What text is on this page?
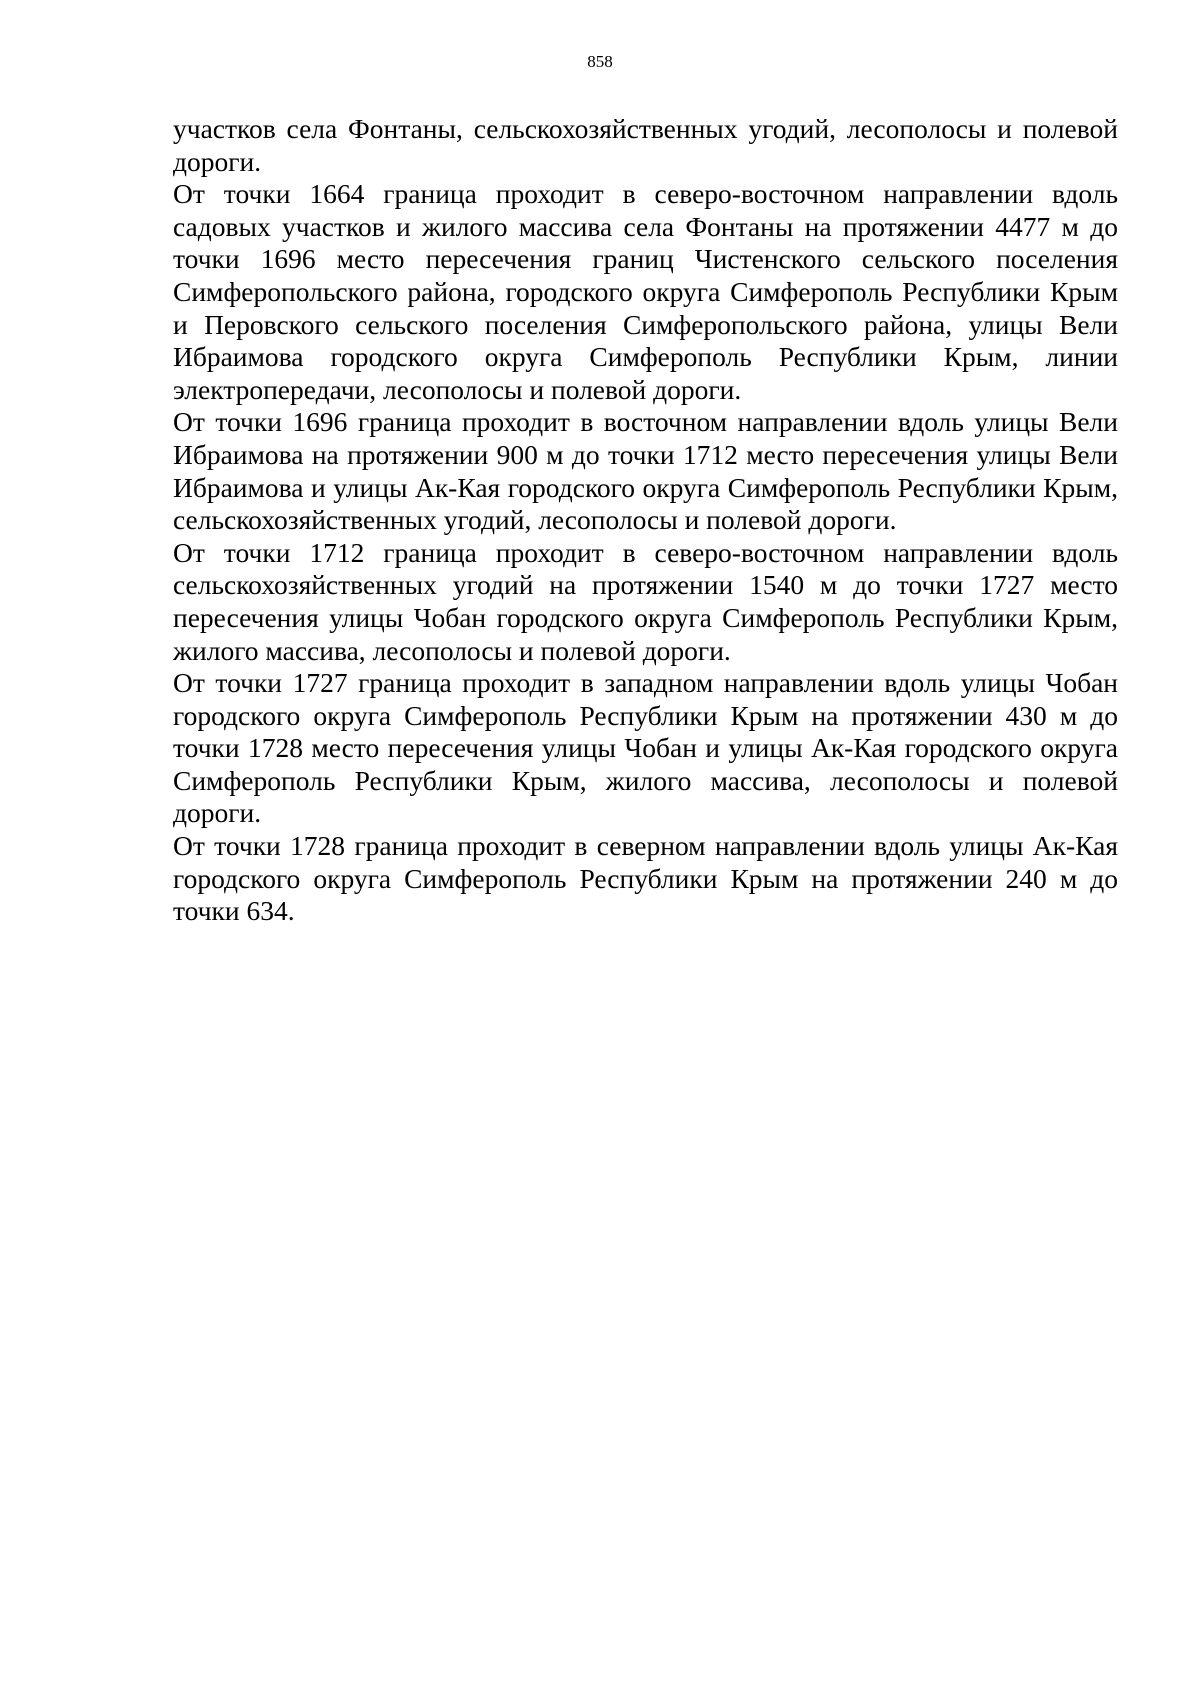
858

участков села Фонтаны, сельскохозяйственных угодий, лесополосы и полевой дороги.

От точки 1664 граница проходит в северо-восточном направлении вдоль садовых участков и жилого массива села Фонтаны на протяжении 4477 м до точки 1696 место пересечения границ Чистенского сельского поселения Симферопольского района, городского округа Симферополь Республики Крым и Перовского сельского поселения Симферопольского района, улицы Вели Ибраимова городского округа Симферополь Республики Крым, линии электропередачи, лесополосы и полевой дороги.

От точки 1696 граница проходит в восточном направлении вдоль улицы Вели Ибраимова на протяжении 900 м до точки 1712 место пересечения улицы Вели Ибраимова и улицы Ак-Кая городского округа Симферополь Республики Крым, сельскохозяйственных угодий, лесополосы и полевой дороги.

От точки 1712 граница проходит в северо-восточном направлении вдоль сельскохозяйственных угодий на протяжении 1540 м до точки 1727 место пересечения улицы Чобан городского округа Симферополь Республики Крым, жилого массива, лесополосы и полевой дороги.

От точки 1727 граница проходит в западном направлении вдоль улицы Чобан городского округа Симферополь Республики Крым на протяжении 430 м до точки 1728 место пересечения улицы Чобан и улицы Ак-Кая городского округа Симферополь Республики Крым, жилого массива, лесополосы и полевой дороги.

От точки 1728 граница проходит в северном направлении вдоль улицы Ак-Кая городского округа Симферополь Республики Крым на протяжении 240 м до точки 634.
